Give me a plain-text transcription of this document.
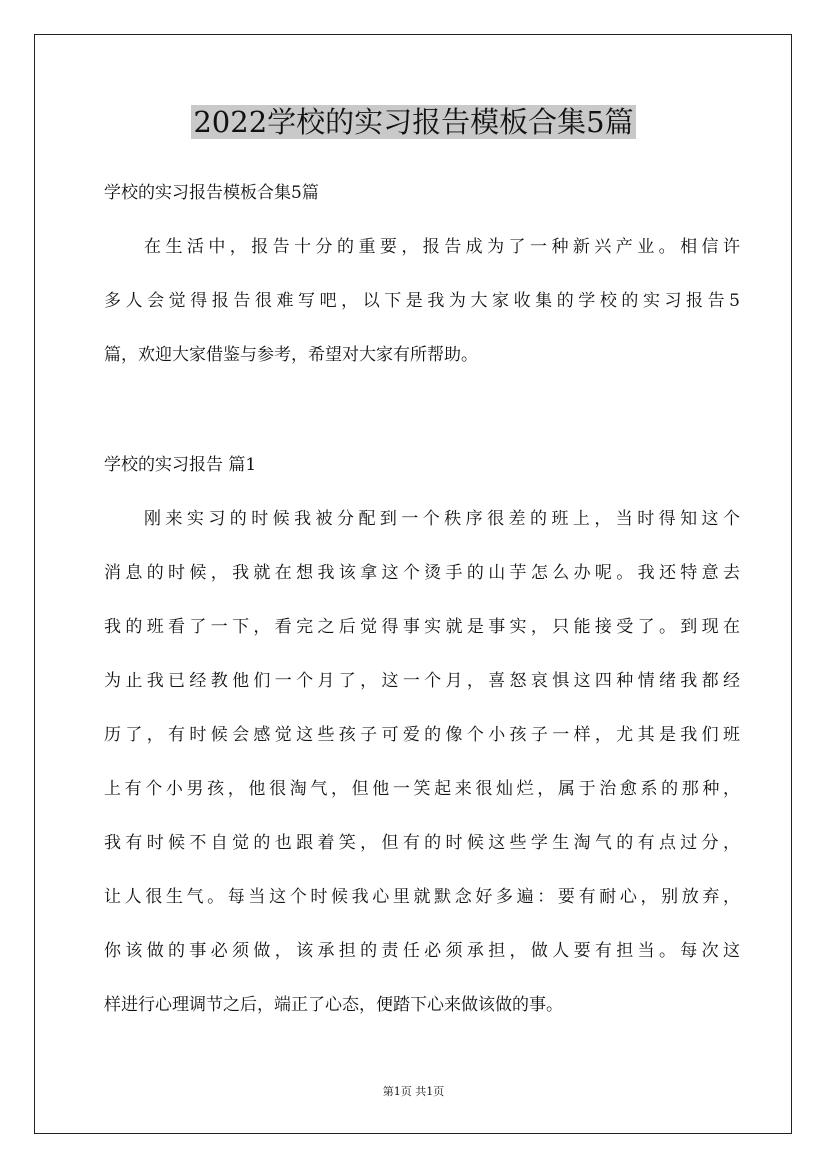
2022学校的实习报告模板合集5篇
学校的实习报告模板合集5篇

在生活中，报告十分的重要，报告成为了一种新兴产业。相信许
多人会觉得报告很难写吧，以下是我为大家收集的学校的实习报告5
篇，欢迎大家借鉴与参考，希望对大家有所帮助。

学校的实习报告 篇1

刚来实习的时候我被分配到一个秩序很差的班上，当时得知这个
消息的时候，我就在想我该拿这个烫手的山芋怎么办呢。我还特意去
我的班看了一下，看完之后觉得事实就是事实，只能接受了。到现在
为止我已经教他们一个月了，这一个月，喜怒哀惧这四种情绪我都经
历了，有时候会感觉这些孩子可爱的像个小孩子一样，尤其是我们班
上有个小男孩，他很淘气，但他一笑起来很灿烂，属于治愈系的那种，
我有时候不自觉的也跟着笑，但有的时候这些学生淘气的有点过分，
让人很生气。每当这个时候我心里就默念好多遍：要有耐心，别放弃，
你该做的事必须做，该承担的责任必须承担，做人要有担当。每次这
样进行心理调节之后，端正了心态，便踏下心来做该做的事。

第1页 共1页
